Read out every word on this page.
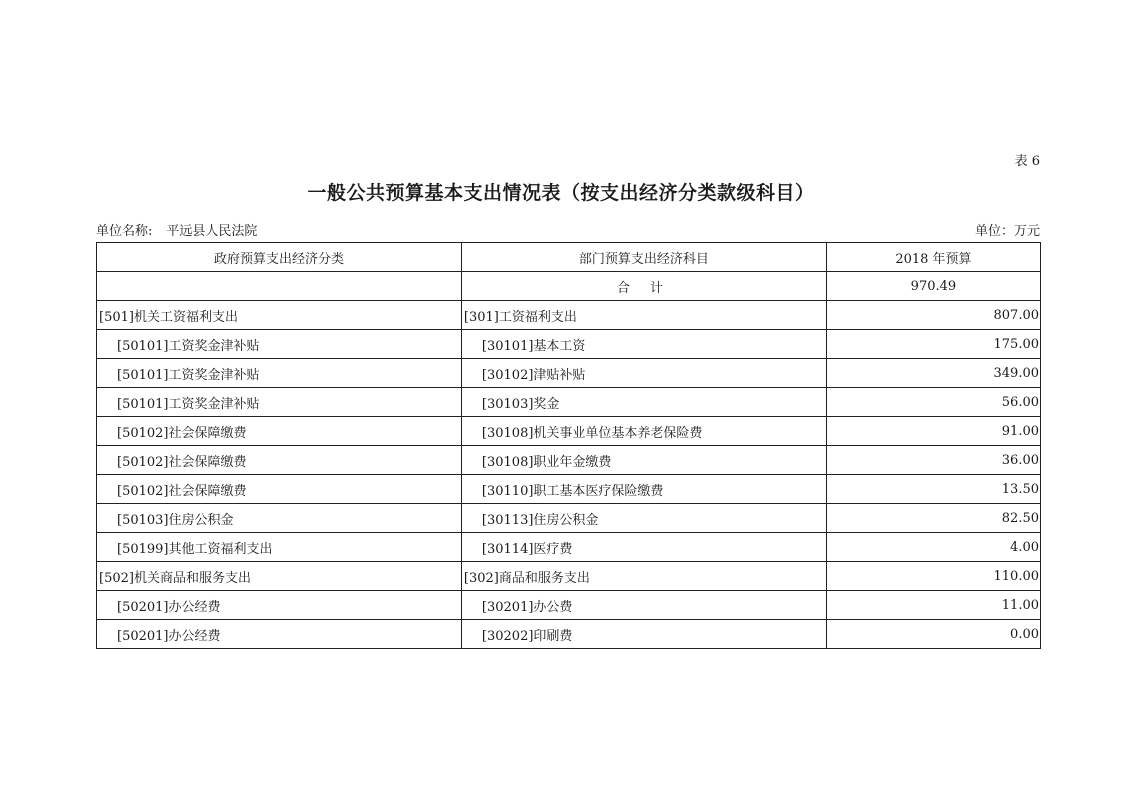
表 6
一般公共预算基本支出情况表（按支出经济分类款级科目）
单位名称: 平远县人民法院	单位：万元
政府预算支出经济分类	部门预算支出经济科目	2018 年预算
	合 计	970.49
[501]机关工资福利支出	[301]工资福利支出	807.00
[50101]工资奖金津补贴	[30101]基本工资	175.00
[50101]工资奖金津补贴	[30102]津贴补贴	349.00
[50101]工资奖金津补贴	[30103]奖金	56.00
[50102]社会保障缴费	[30108]机关事业单位基本养老保险费	91.00
[50102]社会保障缴费	[30108]职业年金缴费	36.00
[50102]社会保障缴费	[30110]职工基本医疗保险缴费	13.50
[50103]住房公积金	[30113]住房公积金	82.50
[50199]其他工资福利支出	[30114]医疗费	4.00
[502]机关商品和服务支出	[302]商品和服务支出	110.00
[50201]办公经费	[30201]办公费	11.00
[50201]办公经费	[30202]印刷费	0.00
